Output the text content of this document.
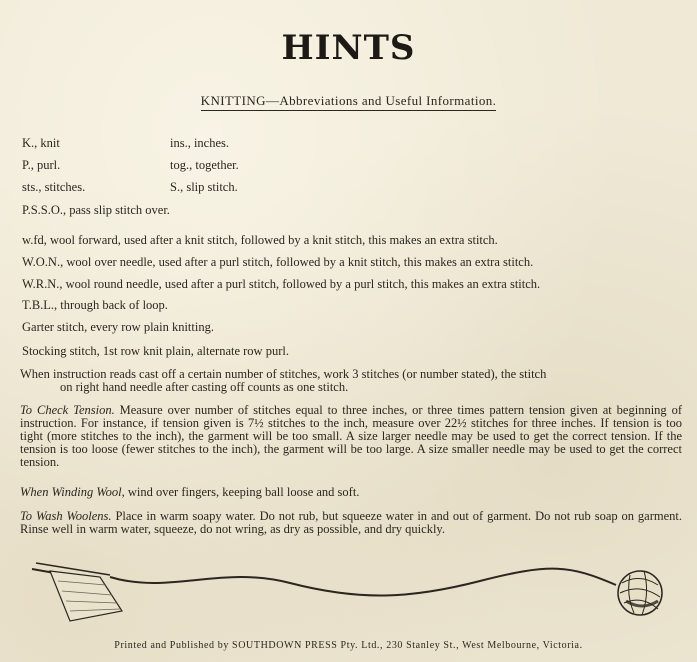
HINTS
KNITTING—Abbreviations and Useful Information.
K., knit	ins., inches.
P., purl.	tog., together.
sts., stitches.	S., slip stitch.
P.S.S.O., pass slip stitch over.
w.fd, wool forward, used after a knit stitch, followed by a knit stitch, this makes an extra stitch.
W.O.N., wool over needle, used after a purl stitch, followed by a knit stitch, this makes an extra stitch.
W.R.N., wool round needle, used after a purl stitch, followed by a purl stitch, this makes an extra stitch.
T.B.L., through back of loop.
Garter stitch, every row plain knitting.
Stocking stitch, 1st row knit plain, alternate row purl.
When instruction reads cast off a certain number of stitches, work 3 stitches (or number stated), the stitch
on right hand needle after casting off counts as one stitch.
To Check Tension. Measure over number of stitches equal to three inches, or three times pattern tension given at beginning of instruction. For instance, if tension given is 7½ stitches to the inch, measure over 22½ stitches for three inches. If tension is too tight (more stitches to the inch), the garment will be too small. A size larger needle may be used to get the correct tension. If the tension is too loose (fewer stitches to the inch), the garment will be too large. A size smaller needle may be used to get the correct tension.
When Winding Wool, wind over fingers, keeping ball loose and soft.
To Wash Woolens. Place in warm soapy water. Do not rub, but squeeze water in and out of garment. Do not rub soap on garment. Rinse well in warm water, squeeze, do not wring, as dry as possible, and dry quickly.
Printed and Published by SOUTHDOWN PRESS Pty. Ltd., 230 Stanley St., West Melbourne, Victoria.
